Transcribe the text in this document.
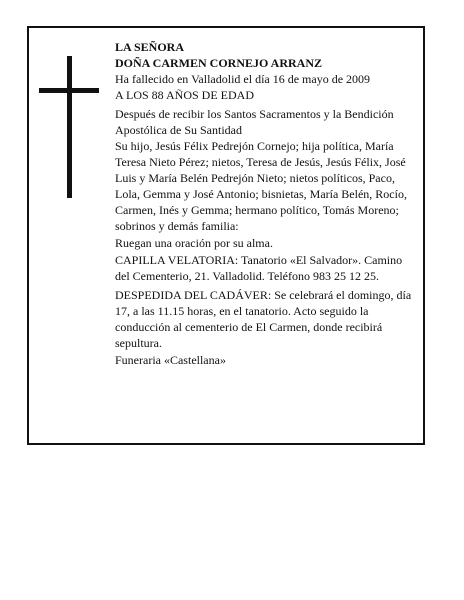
LA SEÑORA

DOÑA CARMEN CORNEJO ARRANZ

Ha fallecido en Valladolid el día 16 de mayo de 2009

A LOS 88 AÑOS DE EDAD

Después de recibir los Santos Sacramentos y la Bendición Apostólica de Su Santidad

Su hijo, Jesús Félix Pedrejón Cornejo; hija política, María Teresa Nieto Pérez; nietos, Teresa de Jesús, Jesús Félix, José Luis y María Belén Pedrejón Nieto; nietos políticos, Paco, Lola, Gemma y José Antonio; bisnietas, María Belén, Rocío, Carmen, Inés y Gemma; hermano político, Tomás Moreno; sobrinos y demás familia:

Ruegan una oración por su alma.

CAPILLA VELATORIA: Tanatorio «El Salvador». Camino del Cementerio, 21. Valladolid. Teléfono 983 25 12 25.

DESPEDIDA DEL CADÁVER: Se celebrará el domingo, día 17, a las 11.15 horas, en el tanatorio. Acto seguido la conducción al cementerio de El Carmen, donde recibirá sepultura.

Funeraria «Castellana»
